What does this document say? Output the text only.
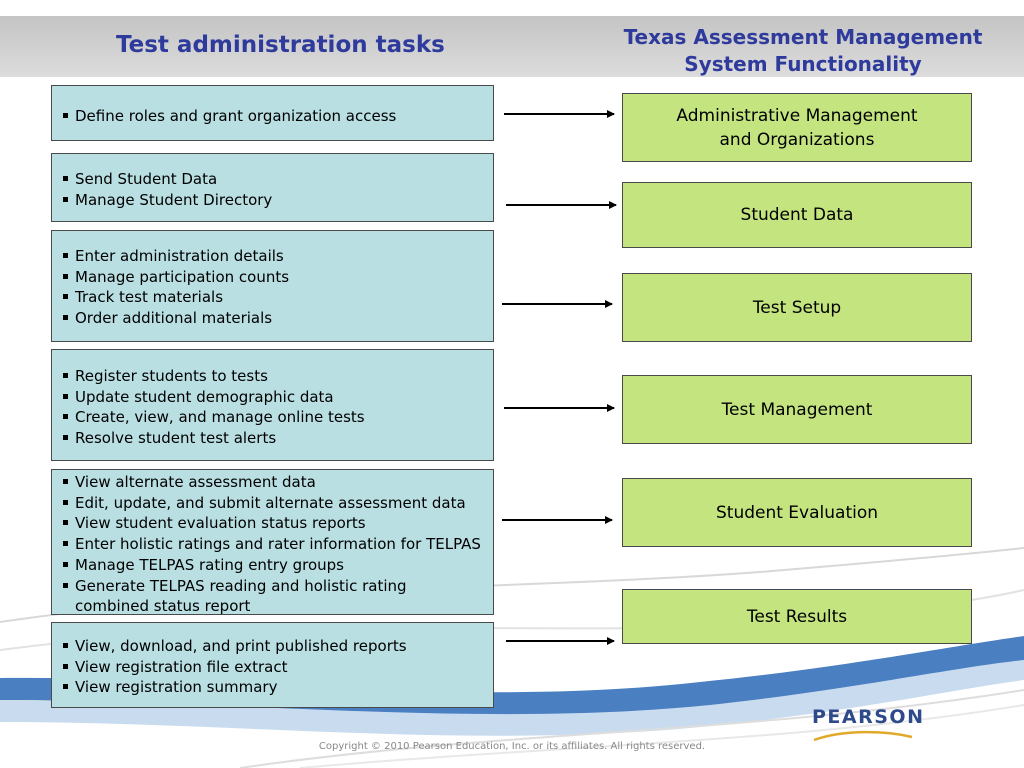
Test administration tasks	Texas Assessment Management System Functionality
Define roles and grant organization access
Send Student Data
Manage Student Directory
Enter administration details
Manage participation counts
Track test materials
Order additional materials
Register students to tests
Update student demographic data
Create, view, and manage online tests
Resolve student test alerts
View alternate assessment data
Edit, update, and submit alternate assessment data
View student evaluation status reports
Enter holistic ratings and rater information for TELPAS
Manage TELPAS rating entry groups
Generate TELPAS reading and holistic rating
combined status report
View, download, and print published reports
View registration file extract
View registration summary
Administrative Management
and Organizations
Student Data
Test Setup
Test Management
Student Evaluation
Test Results
PEARSON
Copyright © 2010 Pearson Education, Inc. or its affiliates. All rights reserved.
